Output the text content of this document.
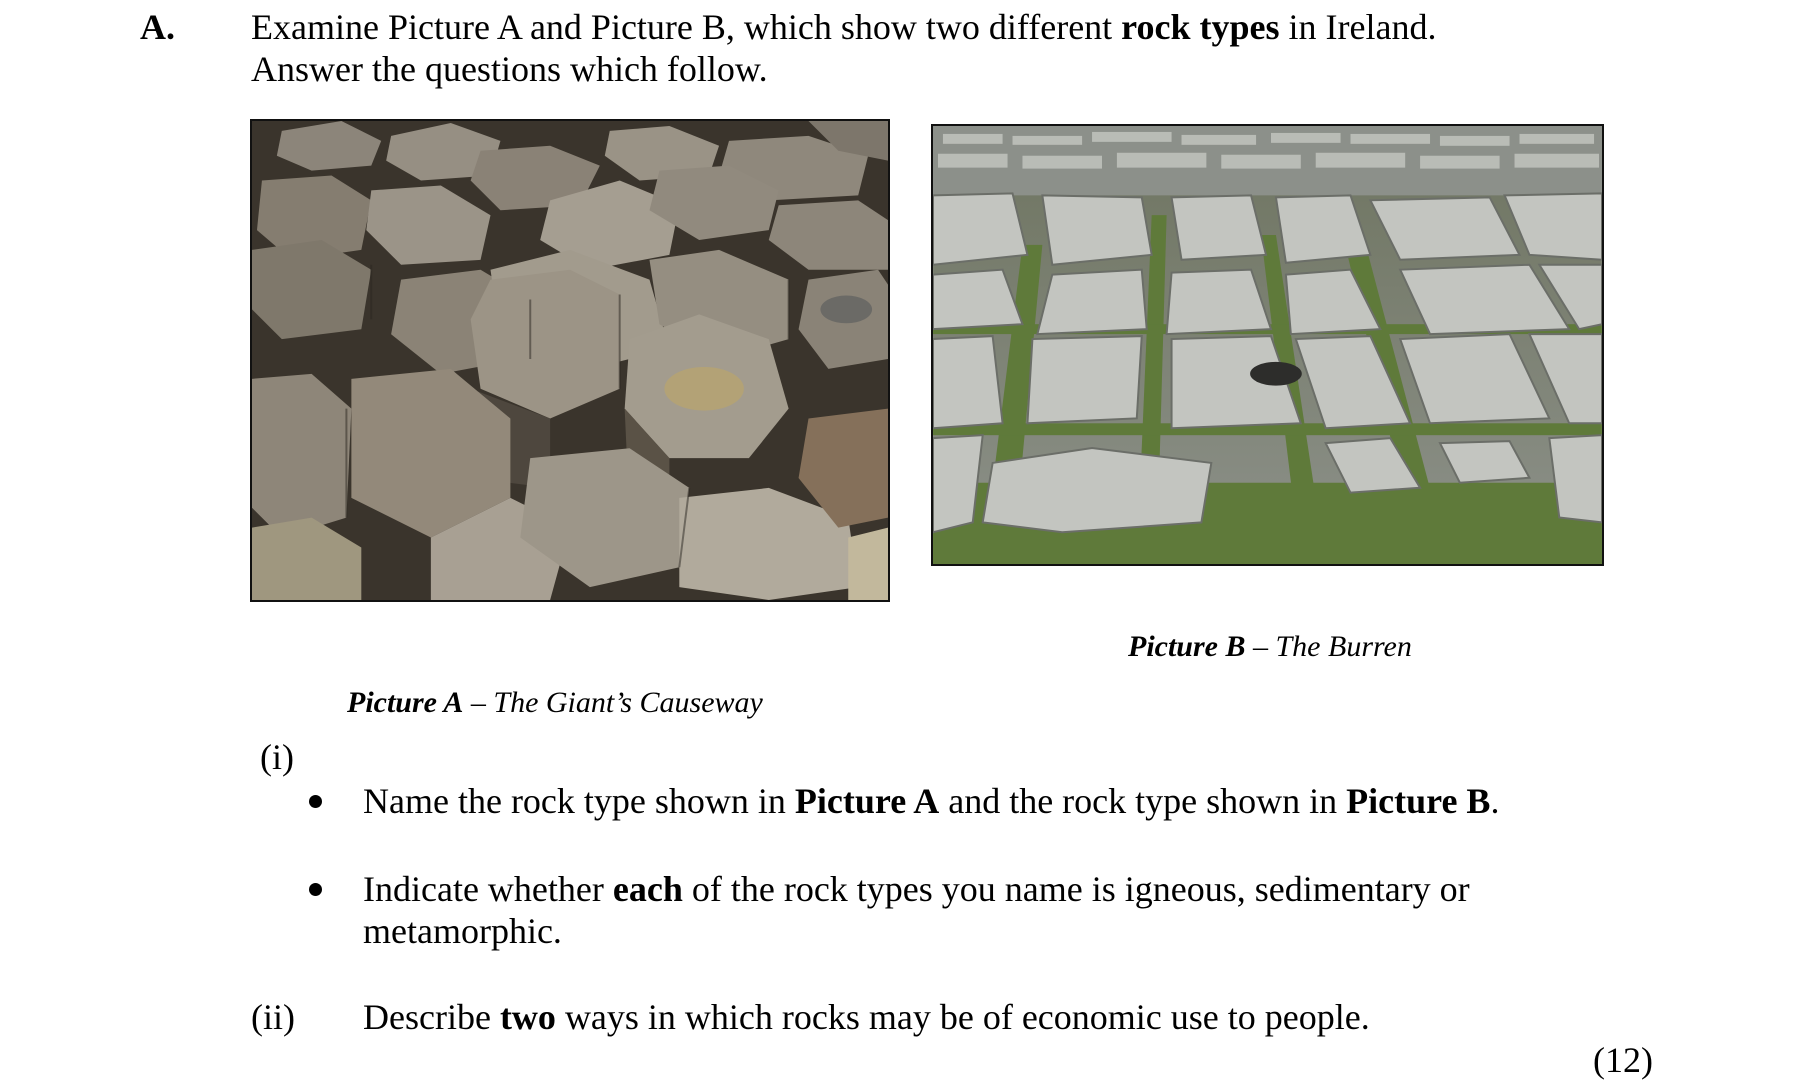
A. Examine Picture A and Picture B, which show two different rock types in Ireland.
Answer the questions which follow.
Picture B – The Burren
Picture A – The Giant’s Causeway
(i)
Name the rock type shown in Picture A and the rock type shown in Picture B.
Indicate whether each of the rock types you name is igneous, sedimentary or
metamorphic.
(ii) Describe two ways in which rocks may be of economic use to people.
(12)
